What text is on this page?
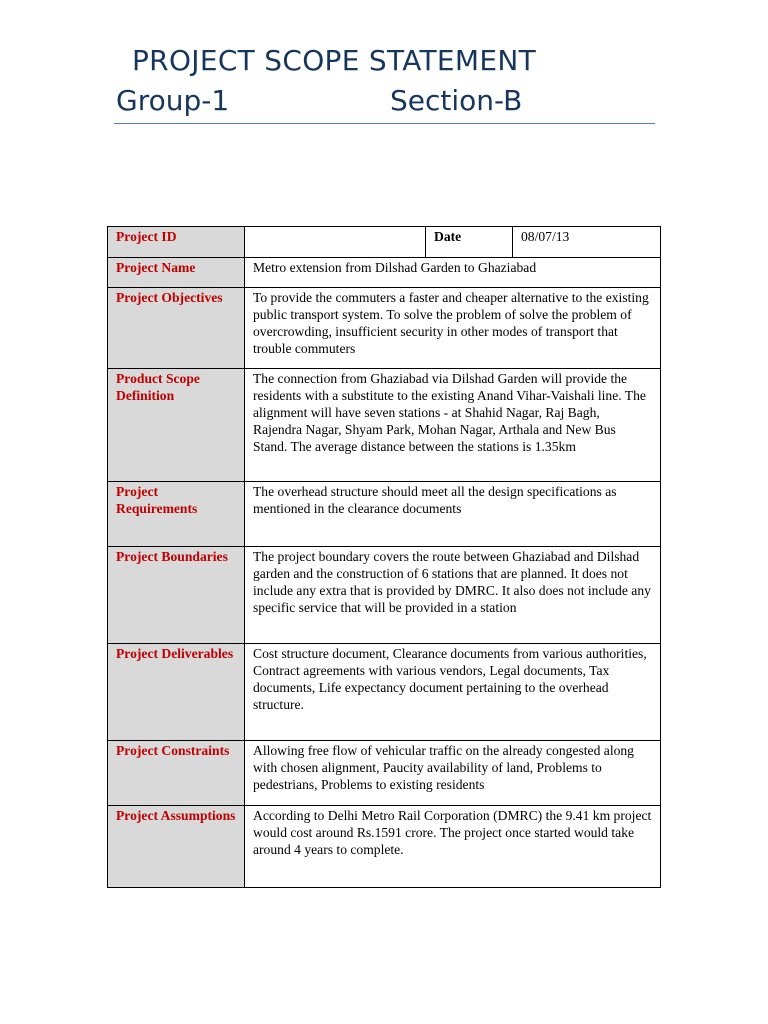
PROJECT SCOPE STATEMENT
Group-1	Section-B
Project ID		Date	08/07/13
Project Name	Metro extension from Dilshad Garden to Ghaziabad		
Project Objectives	To provide the commuters a faster and cheaper alternative to the existing public transport system. To solve the problem of solve the problem of overcrowding, insufficient security in other modes of transport that trouble commuters		
Product Scope Definition	The connection from Ghaziabad via Dilshad Garden will provide the residents with a substitute to the existing Anand Vihar-Vaishali line. The alignment will have seven stations - at Shahid Nagar, Raj Bagh, Rajendra Nagar, Shyam Park, Mohan Nagar, Arthala and New Bus Stand. The average distance between the stations is 1.35km		
Project Requirements	The overhead structure should meet all the design specifications as mentioned in the clearance documents		
Project Boundaries	The project boundary covers the route between Ghaziabad and Dilshad garden and the construction of 6 stations that are planned. It does not include any extra that is provided by DMRC. It also does not include any specific service that will be provided in a station		
Project Deliverables	Cost structure document, Clearance documents from various authorities, Contract agreements with various vendors, Legal documents, Tax documents, Life expectancy document pertaining to the overhead structure.		
Project Constraints	Allowing free flow of vehicular traffic on the already congested along with chosen alignment, Paucity availability of land, Problems to pedestrians, Problems to existing residents		
Project Assumptions	According to Delhi Metro Rail Corporation (DMRC) the 9.41 km project would cost around Rs.1591 crore. The project once started would take around 4 years to complete.		
